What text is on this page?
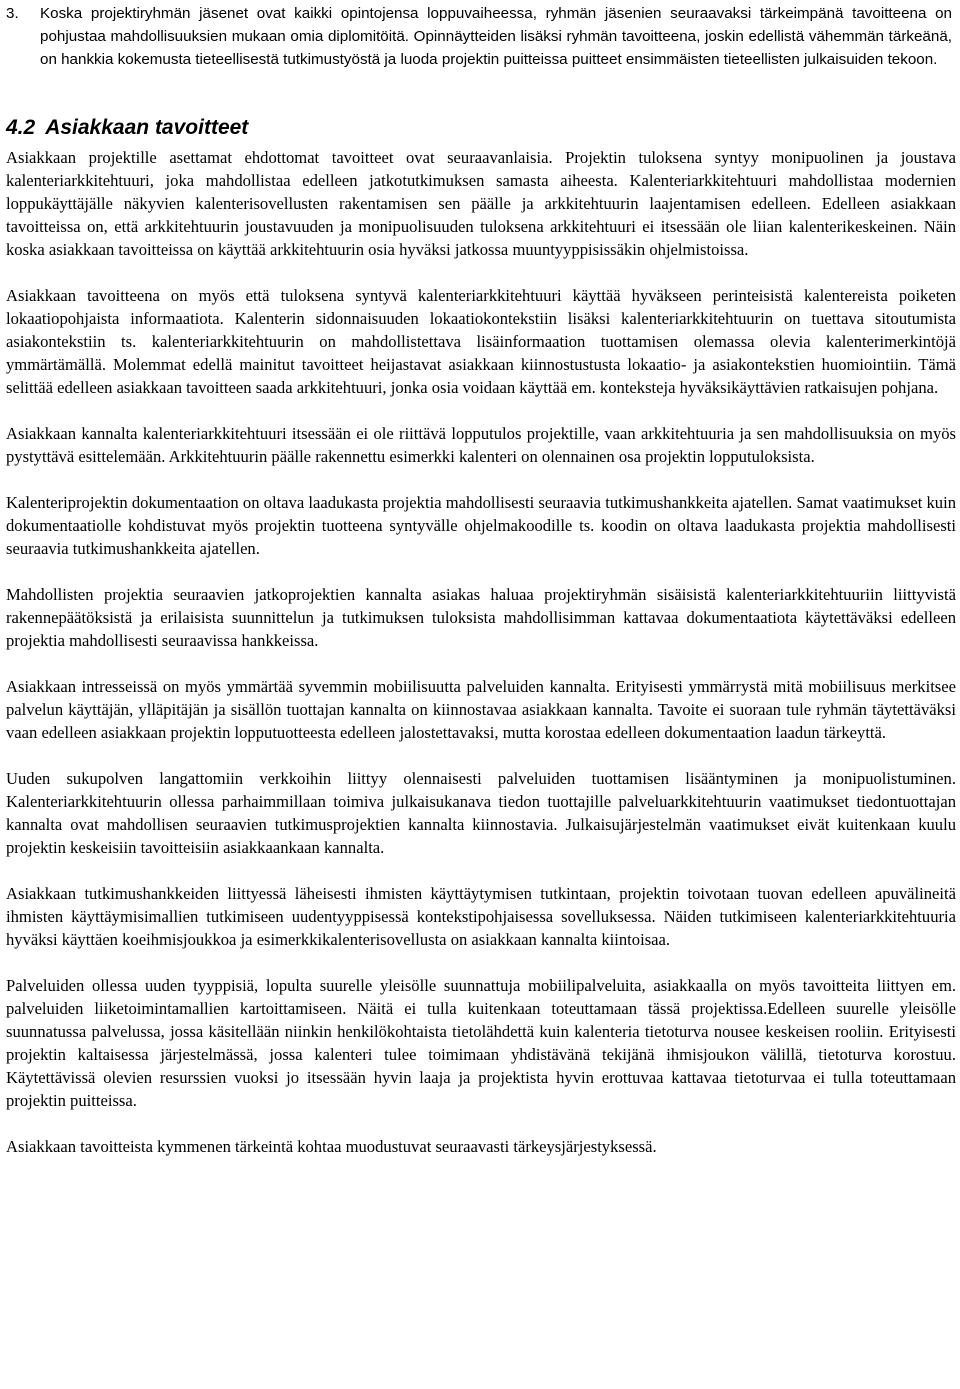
3.	Koska projektiryhmän jäsenet ovat kaikki opintojensa loppuvaiheessa, ryhmän jäsenien seuraavaksi tärkeimpänä tavoitteena on pohjustaa mahdollisuuksien mukaan omia diplomitöitä. Opinnäytteiden lisäksi ryhmän tavoitteena, joskin edellistä vähemmän tärkeänä, on hankkia kokemusta tieteellisestä tutkimustyöstä ja luoda projektin puitteissa puitteet ensimmäisten tieteellisten julkaisuiden tekoon.
4.2 Asiakkaan tavoitteet

Asiakkaan projektille asettamat ehdottomat tavoitteet ovat seuraavanlaisia. Projektin tuloksena syntyy monipuolinen ja joustava kalenteriarkkitehtuuri, joka mahdollistaa edelleen jatkotutkimuksen samasta aiheesta. Kalenteriarkkitehtuuri mahdollistaa modernien loppukäyttäjälle näkyvien kalenterisovellusten rakentamisen sen päälle ja arkkitehtuurin laajentamisen edelleen. Edelleen asiakkaan tavoitteissa on, että arkkitehtuurin joustavuuden ja monipuolisuuden tuloksena arkkitehtuuri ei itsessään ole liian kalenterikeskeinen. Näin koska asiakkaan tavoitteissa on käyttää arkkitehtuurin osia hyväksi jatkossa muuntyyppisissäkin ohjelmistoissa.

Asiakkaan tavoitteena on myös että tuloksena syntyvä kalenteriarkkitehtuuri käyttää hyväkseen perinteisistä kalentereista poiketen lokaatiopohjaista informaatiota. Kalenterin sidonnaisuuden lokaatiokontekstiin lisäksi kalenteriarkkitehtuurin on tuettava sitoutumista asiakontekstiin ts. kalenteriarkkitehtuurin on mahdollistettava lisäinformaation tuottamisen olemassa olevia kalenterimerkintöjä ymmärtämällä. Molemmat edellä mainitut tavoitteet heijastavat asiakkaan kiinnostustusta lokaatio- ja asiakontekstien huomiointiin. Tämä selittää edelleen asiakkaan tavoitteen saada arkkitehtuuri, jonka osia voidaan käyttää em. konteksteja hyväksikäyttävien ratkaisujen pohjana.

Asiakkaan kannalta kalenteriarkkitehtuuri itsessään ei ole riittävä lopputulos projektille, vaan arkkitehtuuria ja sen mahdollisuuksia on myös pystyttävä esittelemään. Arkkitehtuurin päälle rakennettu esimerkki kalenteri on olennainen osa projektin lopputuloksista.

Kalenteriprojektin dokumentaation on oltava laadukasta projektia mahdollisesti seuraavia tutkimushankkeita ajatellen. Samat vaatimukset kuin dokumentaatiolle kohdistuvat myös projektin tuotteena syntyvälle ohjelmakoodille ts. koodin on oltava laadukasta projektia mahdollisesti seuraavia tutkimushankkeita ajatellen.

Mahdollisten projektia seuraavien jatkoprojektien kannalta asiakas haluaa projektiryhmän sisäisistä kalenteriarkkitehtuuriin liittyvistä rakennepäätöksistä ja erilaisista suunnittelun ja tutkimuksen tuloksista mahdollisimman kattavaa dokumentaatiota käytettäväksi edelleen projektia mahdollisesti seuraavissa hankkeissa.

Asiakkaan intresseissä on myös ymmärtää syvemmin mobiilisuutta palveluiden kannalta. Erityisesti ymmärrystä mitä mobiilisuus merkitsee palvelun käyttäjän, ylläpitäjän ja sisällön tuottajan kannalta on kiinnostavaa asiakkaan kannalta. Tavoite ei suoraan tule ryhmän täytettäväksi vaan edelleen asiakkaan projektin lopputuotteesta edelleen jalostettavaksi, mutta korostaa edelleen dokumentaation laadun tärkeyttä.

Uuden sukupolven langattomiin verkkoihin liittyy olennaisesti palveluiden tuottamisen lisääntyminen ja monipuolistuminen. Kalenteriarkkitehtuurin ollessa parhaimmillaan toimiva julkaisukanava tiedon tuottajille palveluarkkitehtuurin vaatimukset tiedontuottajan kannalta ovat mahdollisen seuraavien tutkimusprojektien kannalta kiinnostavia. Julkaisujärjestelmän vaatimukset eivät kuitenkaan kuulu projektin keskeisiin tavoitteisiin asiakkaankaan kannalta.

Asiakkaan tutkimushankkeiden liittyessä läheisesti ihmisten käyttäytymisen tutkintaan, projektin toivotaan tuovan edelleen apuvälineitä ihmisten käyttäymisimallien tutkimiseen uudentyyppisessä kontekstipohjaisessa sovelluksessa. Näiden tutkimiseen kalenteriarkkitehtuuria hyväksi käyttäen koeihmisjoukkoa ja esimerkkikalenterisovellusta on asiakkaan kannalta kiintoisaa.

Palveluiden ollessa uuden tyyppisiä, lopulta suurelle yleisölle suunnattuja mobiilipalveluita, asiakkaalla on myös tavoitteita liittyen em. palveluiden liiketoimintamallien kartoittamiseen. Näitä ei tulla kuitenkaan toteuttamaan tässä projektissa.Edelleen suurelle yleisölle suunnatussa palvelussa, jossa käsitellään niinkin henkilökohtaista tietolähdettä kuin kalenteria tietoturva nousee keskeisen rooliin. Erityisesti projektin kaltaisessa järjestelmässä, jossa kalenteri tulee toimimaan yhdistävänä tekijänä ihmisjoukon välillä, tietoturva korostuu. Käytettävissä olevien resurssien vuoksi jo itsessään hyvin laaja ja projektista hyvin erottuvaa kattavaa tietoturvaa ei tulla toteuttamaan projektin puitteissa.

Asiakkaan tavoitteista kymmenen tärkeintä kohtaa muodustuvat seuraavasti tärkeysjärjestyksessä.
